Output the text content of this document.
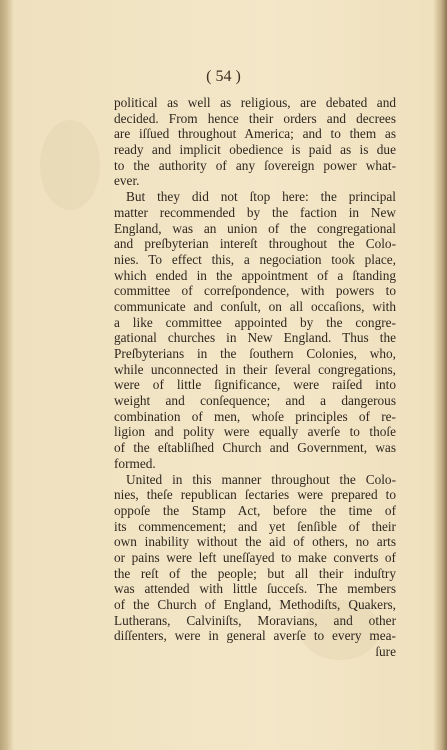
( 54 )
political as well as religious, are debated and
decided. From hence their orders and decrees
are iſſued throughout America; and to them as
ready and implicit obedience is paid as is due
to the authority of any ſovereign power what-
ever.
But they did not ſtop here: the principal
matter recommended by the faction in New
England, was an union of the congregational
and preſbyterian intereſt throughout the Colo-
nies. To effect this, a negociation took place,
which ended in the appointment of a ſtanding
committee of correſpondence, with powers to
communicate and conſult, on all occaſions, with
a like committee appointed by the congre-
gational churches in New England. Thus the
Preſbyterians in the ſouthern Colonies, who,
while unconnected in their ſeveral congregations,
were of little ſignificance, were raiſed into
weight and conſequence; and a dangerous
combination of men, whoſe principles of re-
ligion and polity were equally averſe to thoſe
of the eſtabliſhed Church and Government, was
formed.
United in this manner throughout the Colo-
nies, theſe republican ſectaries were prepared to
oppoſe the Stamp Act, before the time of
its commencement; and yet ſenſible of their
own inability without the aid of others, no arts
or pains were left uneſſayed to make converts of
the reſt of the people; but all their induſtry
was attended with little ſucceſs. The members
of the Church of England, Methodiſts, Quakers,
Lutherans, Calviniſts, Moravians, and other
diſſenters, were in general averſe to every mea-
ſure
